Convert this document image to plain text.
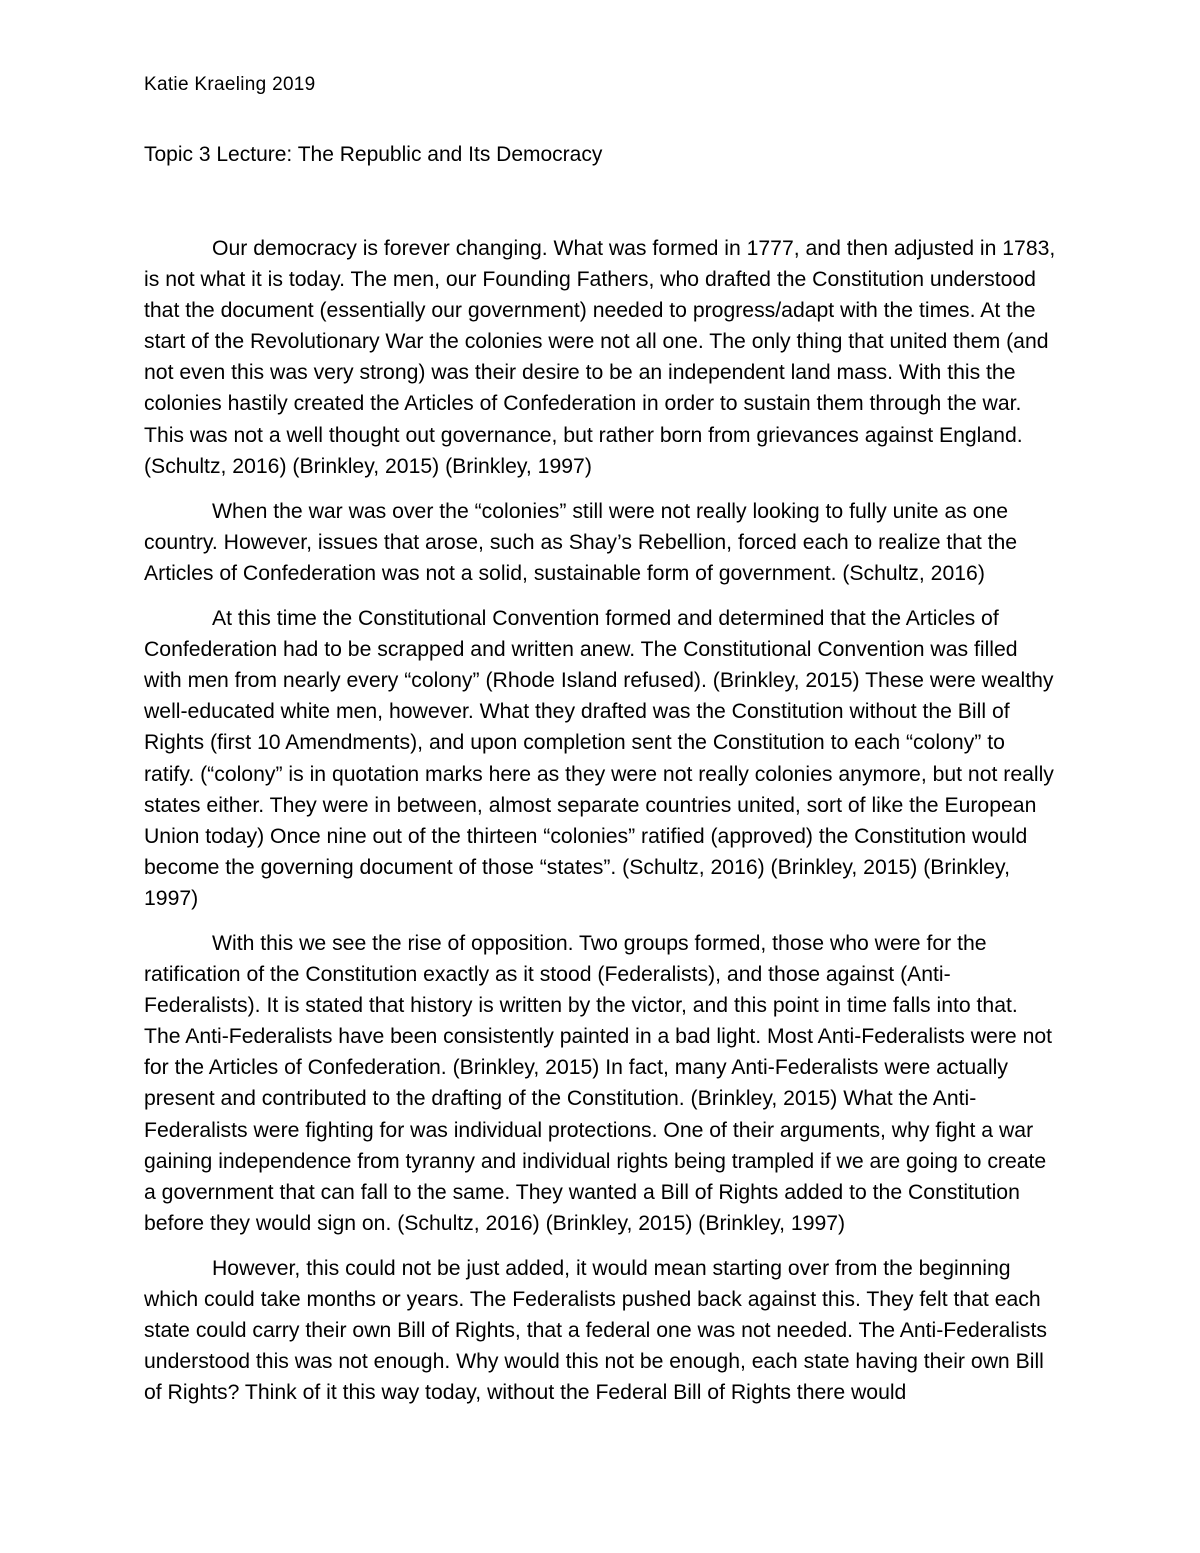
Katie Kraeling 2019
Topic 3 Lecture: The Republic and Its Democracy

Our democracy is forever changing. What was formed in 1777, and then adjusted in 1783, is not what it is today. The men, our Founding Fathers, who drafted the Constitution understood that the document (essentially our government) needed to progress/adapt with the times. At the start of the Revolutionary War the colonies were not all one. The only thing that united them (and not even this was very strong) was their desire to be an independent land mass. With this the colonies hastily created the Articles of Confederation in order to sustain them through the war. This was not a well thought out governance, but rather born from grievances against England. (Schultz, 2016) (Brinkley, 2015) (Brinkley, 1997)

When the war was over the “colonies” still were not really looking to fully unite as one country. However, issues that arose, such as Shay’s Rebellion, forced each to realize that the Articles of Confederation was not a solid, sustainable form of government. (Schultz, 2016)

At this time the Constitutional Convention formed and determined that the Articles of Confederation had to be scrapped and written anew. The Constitutional Convention was filled with men from nearly every “colony” (Rhode Island refused). (Brinkley, 2015) These were wealthy well-educated white men, however. What they drafted was the Constitution without the Bill of Rights (first 10 Amendments), and upon completion sent the Constitution to each “colony” to ratify. (“colony” is in quotation marks here as they were not really colonies anymore, but not really states either. They were in between, almost separate countries united, sort of like the European Union today) Once nine out of the thirteen “colonies” ratified (approved) the Constitution would become the governing document of those “states”. (Schultz, 2016) (Brinkley, 2015) (Brinkley, 1997)

With this we see the rise of opposition. Two groups formed, those who were for the ratification of the Constitution exactly as it stood (Federalists), and those against (Anti-Federalists). It is stated that history is written by the victor, and this point in time falls into that. The Anti-Federalists have been consistently painted in a bad light. Most Anti-Federalists were not for the Articles of Confederation. (Brinkley, 2015) In fact, many Anti-Federalists were actually present and contributed to the drafting of the Constitution. (Brinkley, 2015) What the Anti-Federalists were fighting for was individual protections. One of their arguments, why fight a war gaining independence from tyranny and individual rights being trampled if we are going to create a government that can fall to the same. They wanted a Bill of Rights added to the Constitution before they would sign on. (Schultz, 2016) (Brinkley, 2015) (Brinkley, 1997)

However, this could not be just added, it would mean starting over from the beginning which could take months or years. The Federalists pushed back against this. They felt that each state could carry their own Bill of Rights, that a federal one was not needed. The Anti-Federalists understood this was not enough. Why would this not be enough, each state having their own Bill of Rights? Think of it this way today, without the Federal Bill of Rights there would
